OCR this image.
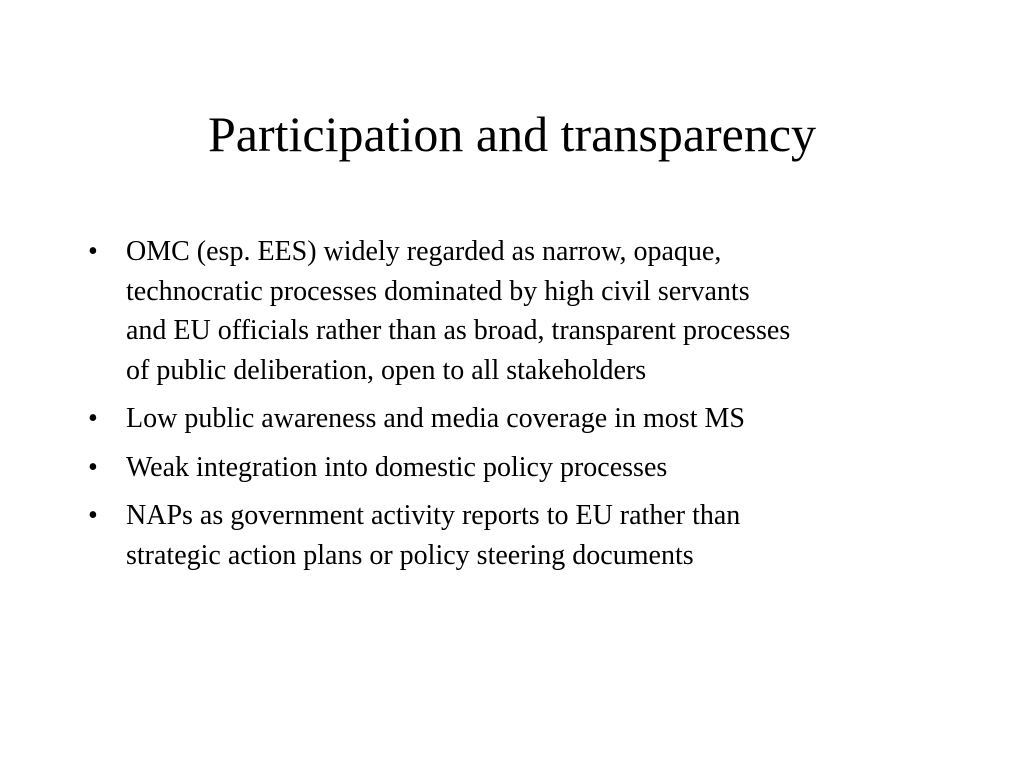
Participation and transparency
• OMC (esp. EES) widely regarded as narrow, opaque,
technocratic processes dominated by high civil servants
and EU officials rather than as broad, transparent processes
of public deliberation, open to all stakeholders
• Low public awareness and media coverage in most MS
• Weak integration into domestic policy processes
• NAPs as government activity reports to EU rather than
strategic action plans or policy steering documents
